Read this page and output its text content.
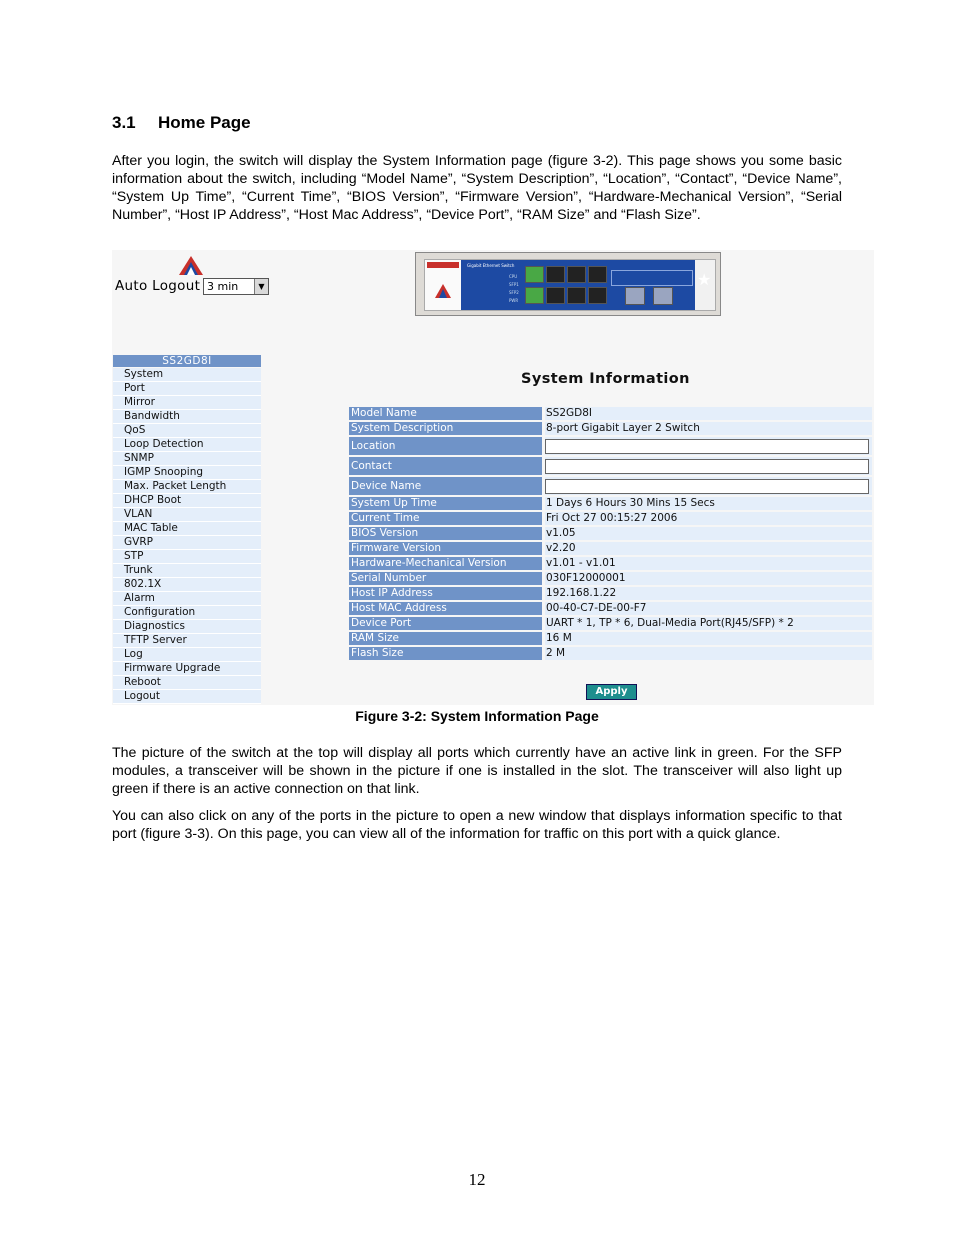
3.1 Home Page
After you login, the switch will display the System Information page (figure 3-2). This page shows you some basic information about the switch, including “Model Name”, “System Description”, “Location”, “Contact”, “Device Name”, “System Up Time”, “Current Time”, “BIOS Version”, “Firmware Version”, “Hardware-Mechanical Version”, “Serial Number”, “Host IP Address”, “Host Mac Address”, “Device Port”, “RAM Size” and “Flash Size”.
Auto Logout 3 min	▼
Gigabit Ethernet Switch
CPU
SFP1
SFP2
PWR
★
SS2GD8I
System
Port
Mirror
Bandwidth
QoS
Loop Detection
SNMP
IGMP Snooping
Max. Packet Length
DHCP Boot
VLAN
MAC Table
GVRP
STP
Trunk
802.1X
Alarm
Configuration
Diagnostics
TFTP Server
Log
Firmware Upgrade
Reboot
Logout
System Information
Model Name	SS2GD8I
System Description	8-port Gigabit Layer 2 Switch
Location
Contact
Device Name
System Up Time	1 Days 6 Hours 30 Mins 15 Secs
Current Time	Fri Oct 27 00:15:27 2006
BIOS Version	v1.05
Firmware Version	v2.20
Hardware-Mechanical Version	v1.01 - v1.01
Serial Number	030F12000001
Host IP Address	192.168.1.22
Host MAC Address	00-40-C7-DE-00-F7
Device Port	UART * 1, TP * 6, Dual-Media Port(RJ45/SFP) * 2
RAM Size	16 M
Flash Size	2 M
Apply
Figure 3-2: System Information Page
The picture of the switch at the top will display all ports which currently have an active link in green. For the SFP modules, a transceiver will be shown in the picture if one is installed in the slot. The transceiver will also light up green if there is an active connection on that link.
You can also click on any of the ports in the picture to open a new window that displays information specific to that port (figure 3-3). On this page, you can view all of the information for traffic on this port with a quick glance.
12
